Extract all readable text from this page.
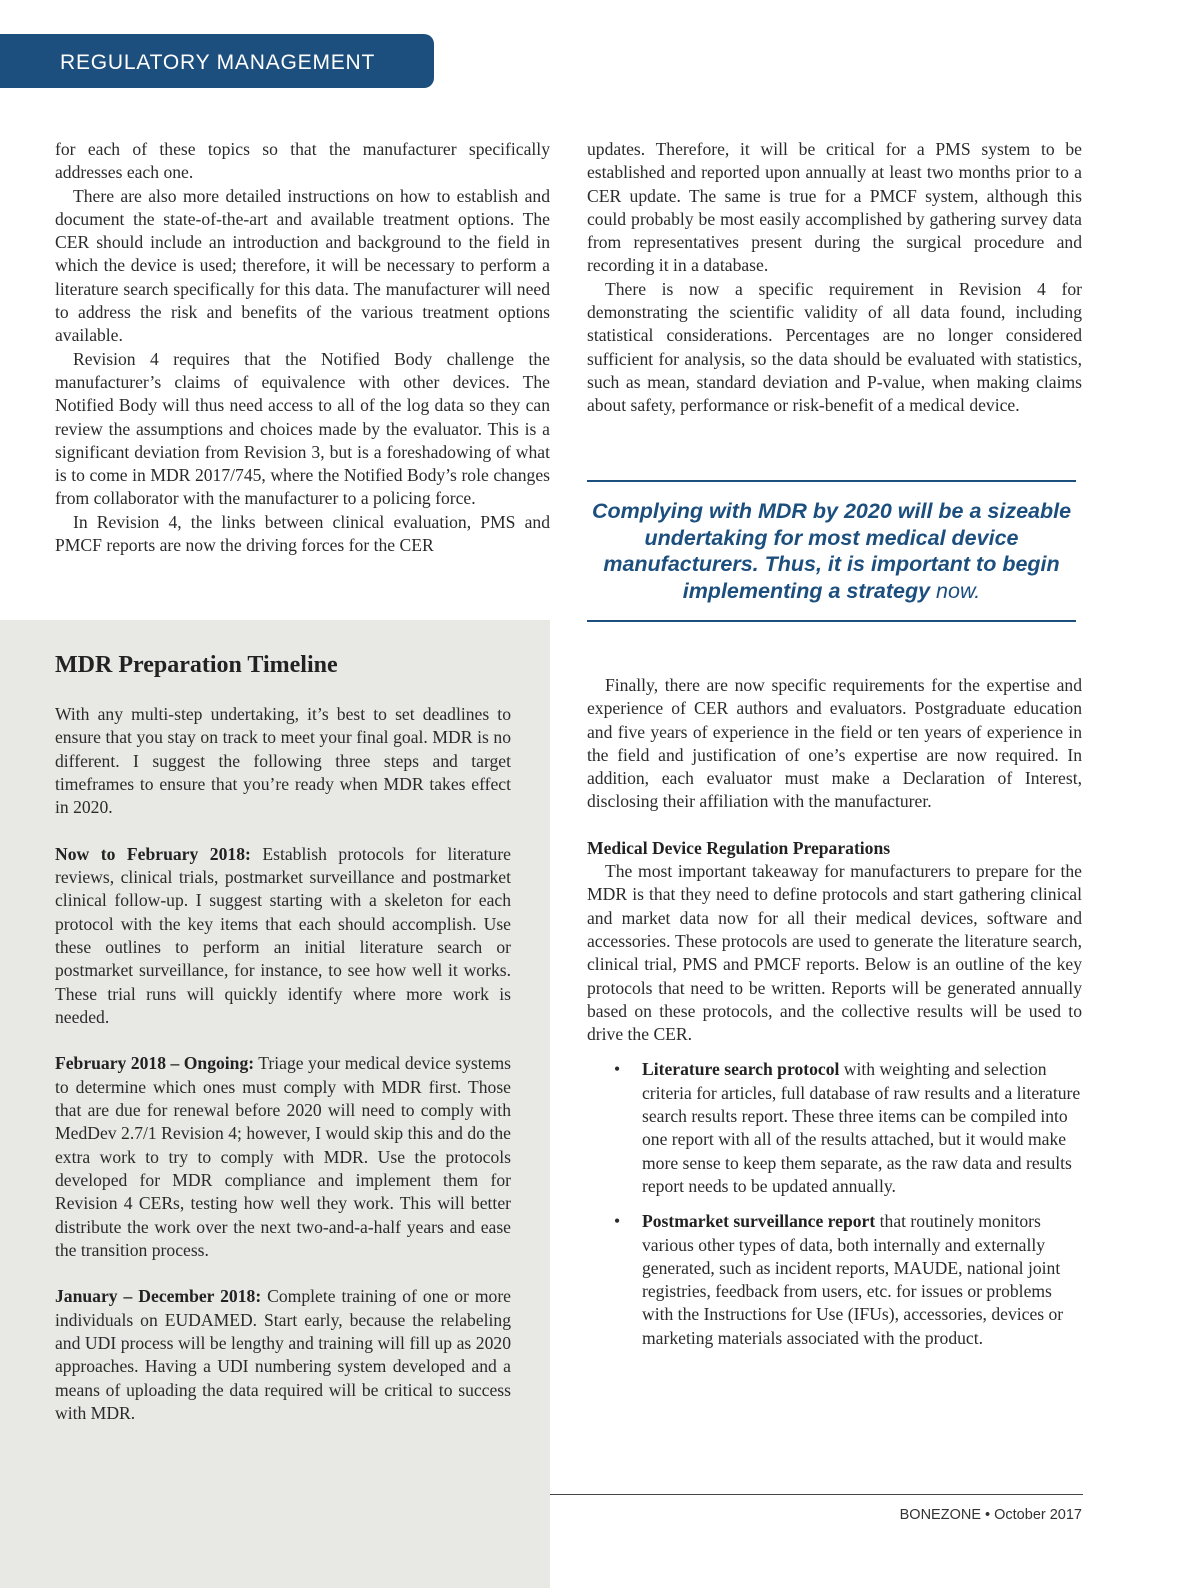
REGULATORY MANAGEMENT

for each of these topics so that the manufacturer specifically addresses each one.

There are also more detailed instructions on how to establish and document the state-of-the-art and available treatment options. The CER should include an introduction and background to the field in which the device is used; therefore, it will be necessary to perform a literature search specifically for this data. The manufacturer will need to address the risk and benefits of the various treatment options available.

Revision 4 requires that the Notified Body challenge the manufacturer’s claims of equivalence with other devices. The Notified Body will thus need access to all of the log data so they can review the assumptions and choices made by the evaluator. This is a significant deviation from Revision 3, but is a foreshadowing of what is to come in MDR 2017/745, where the Notified Body’s role changes from collaborator with the manufacturer to a policing force.

In Revision 4, the links between clinical evaluation, PMS and PMCF reports are now the driving forces for the CER

updates. Therefore, it will be critical for a PMS system to be established and reported upon annually at least two months prior to a CER update. The same is true for a PMCF system, although this could probably be most easily accomplished by gathering survey data from representatives present during the surgical procedure and recording it in a database.

There is now a specific requirement in Revision 4 for demonstrating the scientific validity of all data found, including statistical considerations. Percentages are no longer considered sufficient for analysis, so the data should be evaluated with statistics, such as mean, standard deviation and P-value, when making claims about safety, performance or risk-benefit of a medical device.

Complying with MDR by 2020 will be a sizeable undertaking for most medical device manufacturers. Thus, it is important to begin implementing a strategy now.
MDR Preparation Timeline

With any multi-step undertaking, it’s best to set deadlines to ensure that you stay on track to meet your final goal. MDR is no different. I suggest the following three steps and target timeframes to ensure that you’re ready when MDR takes effect in 2020.

Now to February 2018: Establish protocols for literature reviews, clinical trials, postmarket surveillance and postmarket clinical follow-up. I suggest starting with a skeleton for each protocol with the key items that each should accomplish. Use these outlines to perform an initial literature search or postmarket surveillance, for instance, to see how well it works. These trial runs will quickly identify where more work is needed.

February 2018 – Ongoing: Triage your medical device systems to determine which ones must comply with MDR first. Those that are due for renewal before 2020 will need to comply with MedDev 2.7/1 Revision 4; however, I would skip this and do the extra work to try to comply with MDR. Use the protocols developed for MDR compliance and implement them for Revision 4 CERs, testing how well they work. This will better distribute the work over the next two-and-a-half years and ease the transition process.

January – December 2018: Complete training of one or more individuals on EUDAMED. Start early, because the relabeling and UDI process will be lengthy and training will fill up as 2020 approaches. Having a UDI numbering system developed and a means of uploading the data required will be critical to success with MDR.

Finally, there are now specific requirements for the expertise and experience of CER authors and evaluators. Postgraduate education and five years of experience in the field or ten years of experience in the field and justification of one’s expertise are now required. In addition, each evaluator must make a Declaration of Interest, disclosing their affiliation with the manufacturer.

Medical Device Regulation Preparations

The most important takeaway for manufacturers to prepare for the MDR is that they need to define protocols and start gathering clinical and market data now for all their medical devices, software and accessories. These protocols are used to generate the literature search, clinical trial, PMS and PMCF reports. Below is an outline of the key protocols that need to be written. Reports will be generated annually based on these protocols, and the collective results will be used to drive the CER.

• Literature search protocol with weighting and selection criteria for articles, full database of raw results and a literature search results report. These three items can be compiled into one report with all of the results attached, but it would make more sense to keep them separate, as the raw data and results report needs to be updated annually.
• Postmarket surveillance report that routinely monitors various other types of data, both internally and externally generated, such as incident reports, MAUDE, national joint registries, feedback from users, etc. for issues or problems with the Instructions for Use (IFUs), accessories, devices or marketing materials associated with the product.
BONEZONE • October 2017
